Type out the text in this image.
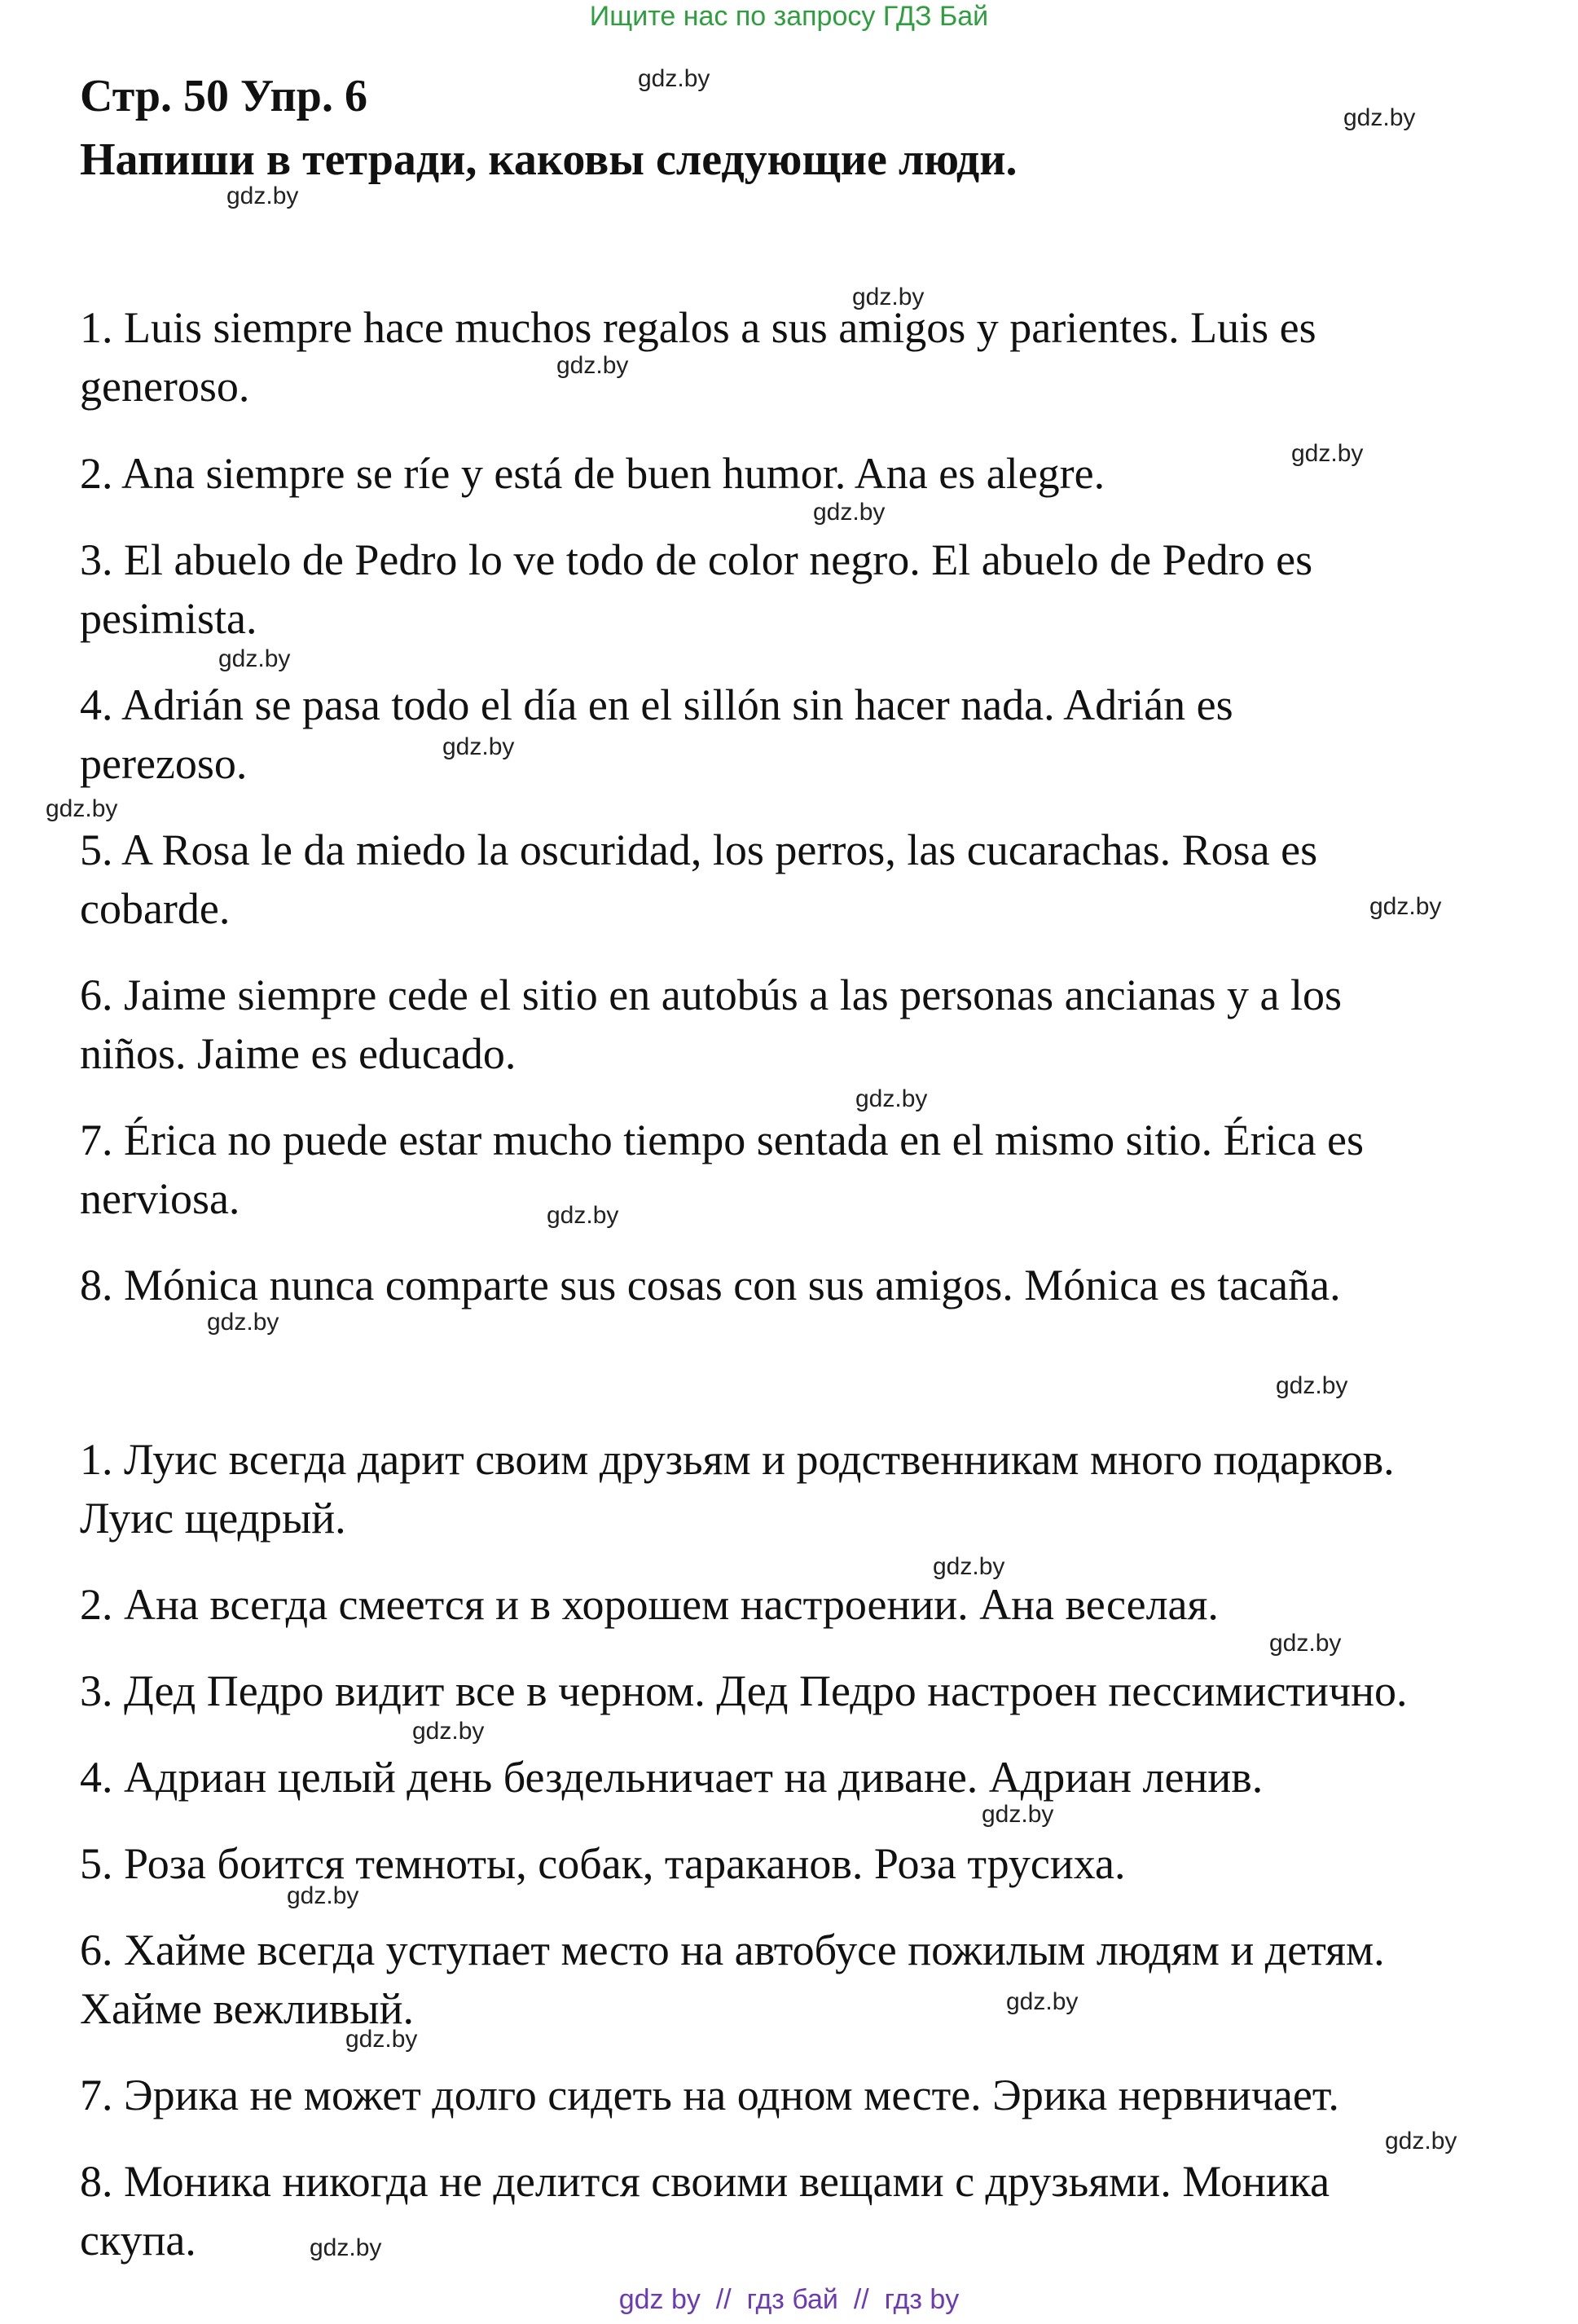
Ищите нас по запросу ГДЗ Бай
Стр. 50 Упр. 6
Напиши в тетради, каковы следующие люди.
1. Luis siempre hace muchos regalos a sus amigos y parientes. Luis es
generoso.
2. Ana siempre se ríe y está de buen humor. Ana es alegre.
3. El abuelo de Pedro lo ve todo de color negro. El abuelo de Pedro es
pesimista.
4. Adrián se pasa todo el día en el sillón sin hacer nada. Adrián es
perezoso.
5. A Rosa le da miedo la oscuridad, los perros, las cucarachas. Rosa es
cobarde.
6. Jaime siempre cede el sitio en autobús a las personas ancianas y a los
niños. Jaime es educado.
7. Érica no puede estar mucho tiempo sentada en el mismo sitio. Érica es
nerviosa.
8. Mónica nunca comparte sus cosas con sus amigos. Mónica es tacaña.
1. Луис всегда дарит своим друзьям и родственникам много подарков.
Луис щедрый.
2. Ана всегда смеется и в хорошем настроении. Ана веселая.
3. Дед Педро видит все в черном. Дед Педро настроен пессимистично.
4. Адриан целый день бездельничает на диване. Адриан ленив.
5. Роза боится темноты, собак, тараканов. Роза трусиха.
6. Хайме всегда уступает место на автобусе пожилым людям и детям.
Хайме вежливый.
7. Эрика не может долго сидеть на одном месте. Эрика нервничает.
8. Моника никогда не делится своими вещами с друзьями. Моника
скупа.
gdz.by
gdz.by
gdz.by
gdz.by
gdz.by
gdz.by
gdz.by
gdz.by
gdz.by
gdz.by
gdz.by
gdz.by
gdz.by
gdz.by
gdz.by
gdz.by
gdz.by
gdz.by
gdz.by
gdz.by
gdz.by
gdz.by
gdz.by
gdz.by
gdz by  //  гдз бай  //  гдз by
